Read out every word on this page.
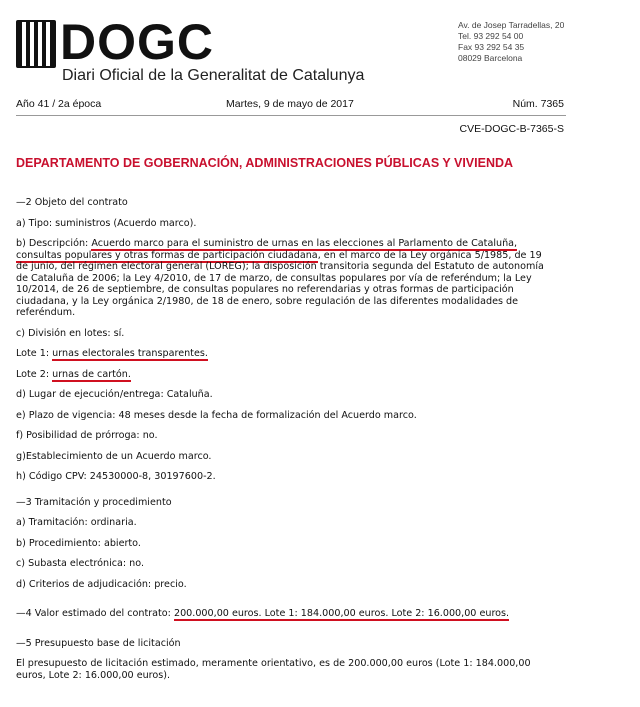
DOGC
Diari Oficial de la Generalitat de Catalunya
Av. de Josep Tarradellas, 20
Tel. 93 292 54 00
Fax 93 292 54 35
08029 Barcelona
Año 41 / 2a época	Martes, 9 de mayo de 2017	Núm. 7365
CVE-DOGC-B-7365-S
DEPARTAMENTO DE GOBERNACIÓN, ADMINISTRACIONES PÚBLICAS Y VIVIENDA

—2 Objeto del contrato

a) Tipo: suministros (Acuerdo marco).

b) Descripción: Acuerdo marco para el suministro de urnas en las elecciones al Parlamento de Cataluña, consultas populares y otras formas de participación ciudadana, en el marco de la Ley orgánica 5/1985, de 19 de junio, del régimen electoral general (LOREG); la disposición transitoria segunda del Estatuto de autonomía de Cataluña de 2006; la Ley 4/2010, de 17 de marzo, de consultas populares por vía de referéndum; la Ley 10/2014, de 26 de septiembre, de consultas populares no referendarias y otras formas de participación ciudadana, y la Ley orgánica 2/1980, de 18 de enero, sobre regulación de las diferentes modalidades de referéndum.

c) División en lotes: sí.

Lote 1: urnas electorales transparentes.

Lote 2: urnas de cartón.

d) Lugar de ejecución/entrega: Cataluña.

e) Plazo de vigencia: 48 meses desde la fecha de formalización del Acuerdo marco.

f) Posibilidad de prórroga: no.

g)Establecimiento de un Acuerdo marco.

h) Código CPV: 24530000-8, 30197600-2.

—3 Tramitación y procedimiento

a) Tramitación: ordinaria.

b) Procedimiento: abierto.

c) Subasta electrónica: no.

d) Criterios de adjudicación: precio.

—4 Valor estimado del contrato: 200.000,00 euros. Lote 1: 184.000,00 euros. Lote 2: 16.000,00 euros.

—5 Presupuesto base de licitación

El presupuesto de licitación estimado, meramente orientativo, es de 200.000,00 euros (Lote 1: 184.000,00 euros, Lote 2: 16.000,00 euros).
